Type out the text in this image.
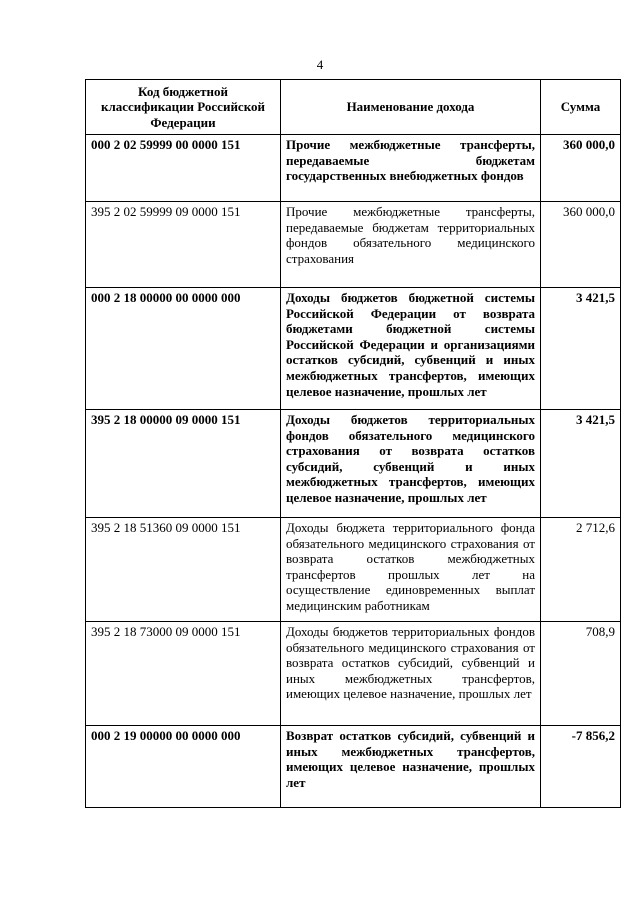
4
Код бюджетной классификации Российской Федерации	Наименование дохода	Сумма
000 2 02 59999 00 0000 151	Прочие межбюджетные трансферты, передаваемые бюджетам государственных внебюджетных фондов	360 000,0
395 2 02 59999 09 0000 151	Прочие межбюджетные трансферты, передаваемые бюджетам территориальных фондов обязательного медицинского страхования	360 000,0
000 2 18 00000 00 0000 000	Доходы бюджетов бюджетной системы Российской Федерации от возврата бюджетами бюджетной системы Российской Федерации и организациями остатков субсидий, субвенций и иных межбюджетных трансфертов, имеющих целевое назначение, прошлых лет	3 421,5
395 2 18 00000 09 0000 151	Доходы бюджетов территориальных фондов обязательного медицинского страхования от возврата остатков субсидий, субвенций и иных межбюджетных трансфертов, имеющих целевое назначение, прошлых лет	3 421,5
395 2 18 51360 09 0000 151	Доходы бюджета территориального фонда обязательного медицинского страхования от возврата остатков межбюджетных трансфертов прошлых лет на осуществление единовременных выплат медицинским работникам	2 712,6
395 2 18 73000 09 0000 151	Доходы бюджетов территориальных фондов обязательного медицинского страхования от возврата остатков субсидий, субвенций и иных межбюджетных трансфертов, имеющих целевое назначение, прошлых лет	708,9
000 2 19 00000 00 0000 000	Возврат остатков субсидий, субвенций и иных межбюджетных трансфертов, имеющих целевое назначение, прошлых лет	-7 856,2
